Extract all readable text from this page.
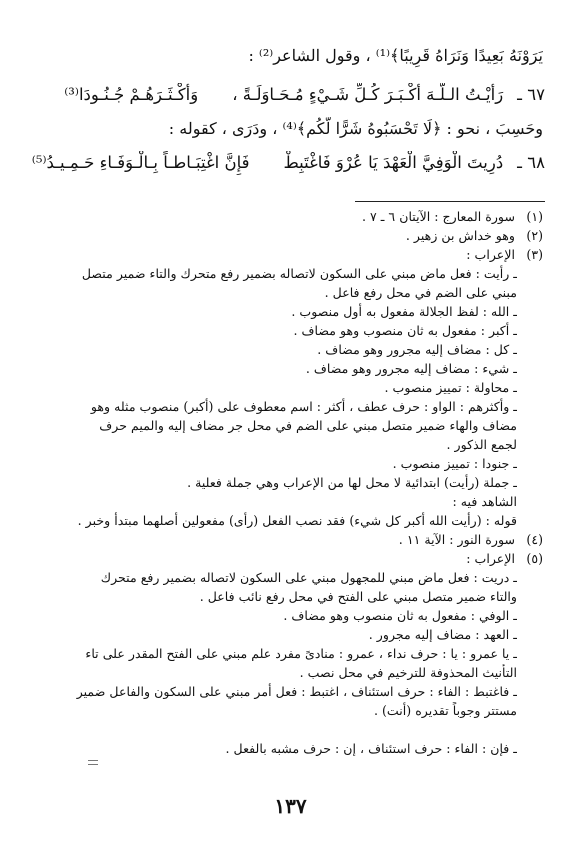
يَرَوْنَهُ بَعِيدًا وَنَرَاهُ قَرِيبًا﴾⁽¹⁾ ، وقول الشاعر⁽²⁾ :
٦٧ ـرَأَيْـتُ الـلَّـهَ أَكْـبَـرَ كُـلِّ شَـيْءٍ مُـحَـاوَلَـةً ،وَأَكْـثَـرَهُـمْ جُـنُـودَا⁽³⁾
وحَسِبَ ، نحو : ﴿لَا تَحْسَبُوهُ شَرًّا لَّكُم﴾⁽⁴⁾ ، ودَرَى ، كقوله :
٦٨ ـدُرِيتَ الْوَفِيَّ الْعَهْدَ يَا عُرْوَ فَاغْتَبِطْفَإِنَّ اغْتِبَـاطـاً بِـالْـوَفَـاءِ حَـمِـيـدُ⁽⁵⁾
(١)سورة المعارج : الآيتان ٦ ـ ٧ .
(٢)وهو خداش بن زهير .
(٣)الإعراب :
ـ رأيت : فعل ماض مبني على السكون لاتصاله بضمير رفع متحرك والتاء ضمير متصل
مبني على الضم في محل رفع فاعل .
ـ الله : لفظ الجلالة مفعول به أول منصوب .
ـ أكبر : مفعول به ثان منصوب وهو مضاف .
ـ كل : مضاف إليه مجرور وهو مضاف .
ـ شيء : مضاف إليه مجرور وهو مضاف .
ـ محاولة : تمييز منصوب .
ـ وأكثرهم : الواو : حرف عطف ، أكثر : اسم معطوف على (أكبر) منصوب مثله وهو
مضاف والهاء ضمير متصل مبني على الضم في محل جر مضاف إليه والميم حرف
لجمع الذكور .
ـ جنودا : تمييز منصوب .
ـ جملة (رأيت) ابتدائية لا محل لها من الإعراب وهي جملة فعلية .
الشاهد فيه :
قوله : (رأيت الله أكبر كل شيء) فقد نصب الفعل (رأى) مفعولين أصلهما مبتدأ وخبر .
(٤)سورة النور : الآية ١١ .
(٥)الإعراب :
ـ دريت : فعل ماض مبني للمجهول مبني على السكون لاتصاله بضمير رفع متحرك
والتاء ضمير متصل مبني على الفتح في محل رفع نائب فاعل .
ـ الوفي : مفعول به ثان منصوب وهو مضاف .
ـ العهد : مضاف إليه مجرور .
ـ يا عمرو : يا : حرف نداء ، عمرو : منادىً مفرد علم مبني على الفتح المقدر على تاء
التأنيث المحذوفة للترخيم في محل نصب .
ـ فاغتبط : الفاء : حرف استئناف ، اغتبط : فعل أمر مبني على السكون والفاعل ضمير
مستتر وجوباً تقديره (أنت) .
ـ فإن : الفاء : حرف استئناف ، إن : حرف مشبه بالفعل .
١٣٧
